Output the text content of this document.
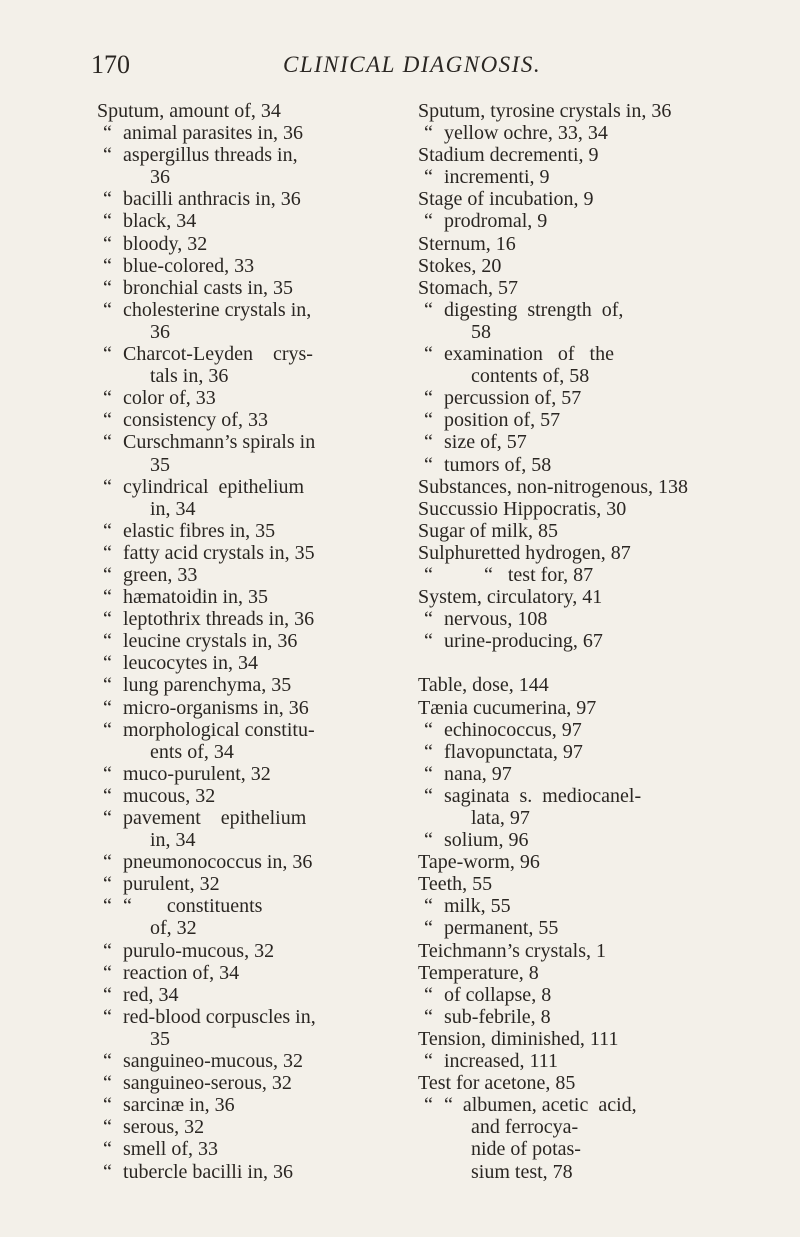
170	CLINICAL DIAGNOSIS.
Sputum, amount of, 34
“ animal parasites in, 36
“ aspergillus threads in,
36
“ bacilli anthracis in, 36
“ black, 34
“ bloody, 32
“ blue-colored, 33
“ bronchial casts in, 35
“ cholesterine crystals in,
36
“ Charcot-Leyden    crys-
tals in, 36
“ color of, 33
“ consistency of, 33
“ Curschmann’s spirals in
35
“ cylindrical  epithelium
in, 34
“ elastic fibres in, 35
“ fatty acid crystals in, 35
“ green, 33
“ hæmatoidin in, 35
“ leptothrix threads in, 36
“ leucine crystals in, 36
“ leucocytes in, 34
“ lung parenchyma, 35
“ micro-organisms in, 36
“ morphological constitu-
ents of, 34
“ muco-purulent, 32
“ mucous, 32
“ pavement    epithelium
in, 34
“ pneumonococcus in, 36
“ purulent, 32
“ “       constituents
of, 32
“ purulo-mucous, 32
“ reaction of, 34
“ red, 34
“ red-blood corpuscles in,
35
“ sanguineo-mucous, 32
“ sanguineo-serous, 32
“ sarcinæ in, 36
“ serous, 32
“ smell of, 33
“ tubercle bacilli in, 36
Sputum, tyrosine crystals in, 36
“ yellow ochre, 33, 34
Stadium decrementi, 9
“ incrementi, 9
Stage of incubation, 9
“ prodromal, 9
Sternum, 16
Stokes, 20
Stomach, 57
“ digesting  strength  of,
58
“ examination   of   the
contents of, 58
“ percussion of, 57
“ position of, 57
“ size of, 57
“ tumors of, 58
Substances, non-nitrogenous, 138
Succussio Hippocratis, 30
Sugar of milk, 85
Sulphuretted hydrogen, 87
“ “   test for, 87
System, circulatory, 41
“ nervous, 108
“ urine-producing, 67
Table, dose, 144
Tænia cucumerina, 97
“ echinococcus, 97
“ flavopunctata, 97
“ nana, 97
“ saginata  s.  mediocanel-
lata, 97
“ solium, 96
Tape-worm, 96
Teeth, 55
“ milk, 55
“ permanent, 55
Teichmann’s crystals, 1
Temperature, 8
“ of collapse, 8
“ sub-febrile, 8
Tension, diminished, 111
“ increased, 111
Test for acetone, 85
“ “  albumen, acetic  acid,
and ferrocya-
nide of potas-
sium test, 78
